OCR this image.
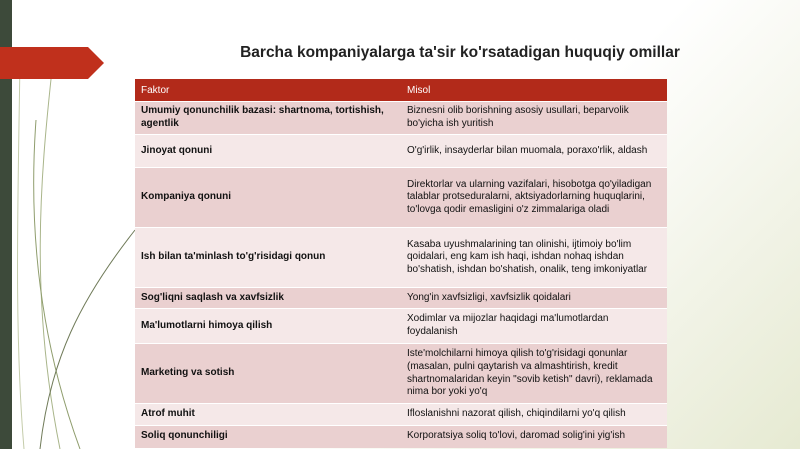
Barcha kompaniyalarga ta'sir ko'rsatadigan huquqiy omillar
Faktor	Misol
Umumiy qonunchilik bazasi: shartnoma, tortishish, agentlik	Biznesni olib borishning asosiy usullari, beparvolik bo'yicha ish yuritish
Jinoyat qonuni	O'g'irlik, insayderlar bilan muomala, poraxo'rlik, aldash
Kompaniya qonuni	Direktorlar va ularning vazifalari, hisobotga qo'yiladigan talablar protseduralarni, aktsiyadorlarning huquqlarini, to'lovga qodir emasligini o'z zimmalariga oladi
Ish bilan ta'minlash to'g'risidagi qonun	Kasaba uyushmalarining tan olinishi, ijtimoiy bo'lim qoidalari, eng kam ish haqi, ishdan nohaq ishdan bo'shatish, ishdan bo'shatish, onalik, teng imkoniyatlar
Sog'liqni saqlash va xavfsizlik	Yong'in xavfsizligi, xavfsizlik qoidalari
Ma'lumotlarni himoya qilish	Xodimlar va mijozlar haqidagi ma'lumotlardan foydalanish
Marketing va sotish	Iste'molchilarni himoya qilish to'g'risidagi qonunlar (masalan, pulni qaytarish va almashtirish, kredit shartnomalaridan keyin "sovib ketish" davri), reklamada nima bor yoki yo'q
Atrof muhit	Ifloslanishni nazorat qilish, chiqindilarni yo'q qilish
Soliq qonunchiligi	Korporatsiya soliq to'lovi, daromad solig'ini yig'ish
